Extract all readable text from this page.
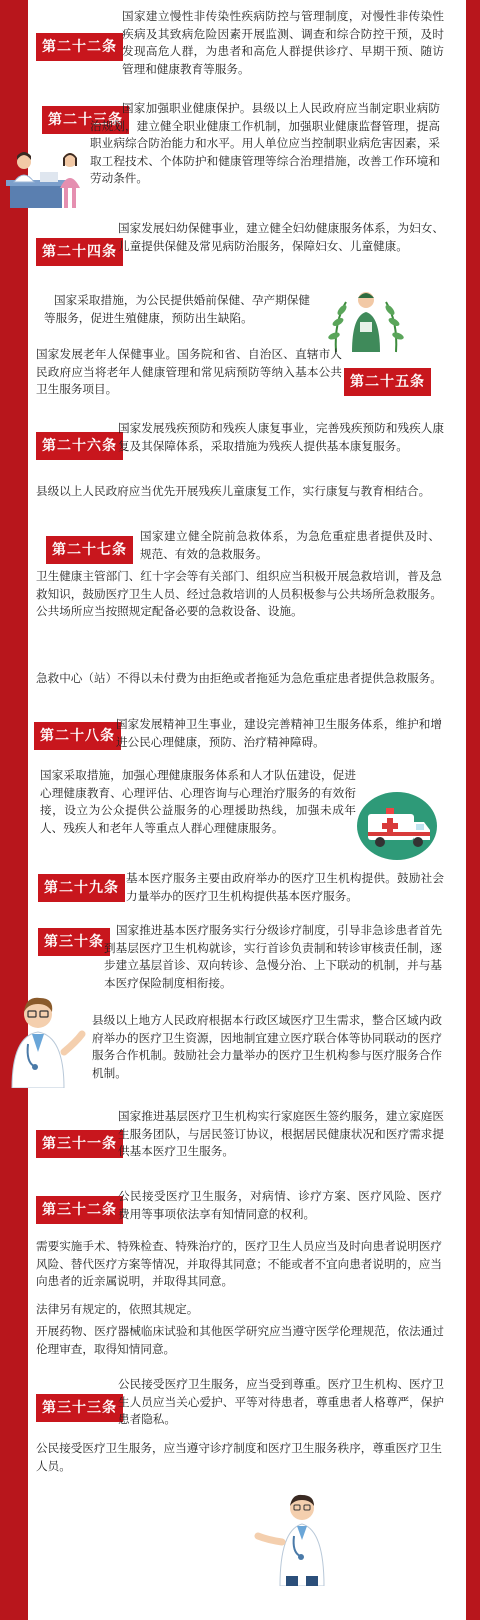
第二十二条

国家建立慢性非传染性疾病防控与管理制度，对慢性非传染性疾病及其致病危险因素开展监测、调查和综合防控干预，及时发现高危人群，为患者和高危人群提供诊疗、早期干预、随访管理和健康教育等服务。

第二十三条

国家加强职业健康保护。县级以上人民政府应当制定职业病防治规划，建立健全职业健康工作机制，加强职业健康监督管理，提高职业病综合防治能力和水平。用人单位应当控制职业病危害因素，采取工程技术、个体防护和健康管理等综合治理措施，改善工作环境和劳动条件。

第二十四条

国家发展妇幼保健事业，建立健全妇幼健康服务体系，为妇女、儿童提供保健及常见病防治服务，保障妇女、儿童健康。

国家采取措施，为公民提供婚前保健、孕产期保健等服务，促进生殖健康，预防出生缺陷。

第二十五条

国家发展老年人保健事业。国务院和省、自治区、直辖市人民政府应当将老年人健康管理和常见病预防等纳入基本公共卫生服务项目。

第二十六条

国家发展残疾预防和残疾人康复事业，完善残疾预防和残疾人康复及其保障体系，采取措施为残疾人提供基本康复服务。

县级以上人民政府应当优先开展残疾儿童康复工作，实行康复与教育相结合。

第二十七条

国家建立健全院前急救体系，为急危重症患者提供及时、规范、有效的急救服务。

卫生健康主管部门、红十字会等有关部门、组织应当积极开展急救培训，普及急救知识，鼓励医疗卫生人员、经过急救培训的人员积极参与公共场所急救服务。公共场所应当按照规定配备必要的急救设备、设施。

急救中心（站）不得以未付费为由拒绝或者拖延为急危重症患者提供急救服务。

第二十八条

国家发展精神卫生事业，建设完善精神卫生服务体系，维护和增进公民心理健康，预防、治疗精神障碍。

国家采取措施，加强心理健康服务体系和人才队伍建设，促进心理健康教育、心理评估、心理咨询与心理治疗服务的有效衔接，设立为公众提供公益服务的心理援助热线，加强未成年人、残疾人和老年人等重点人群心理健康服务。

第二十九条

基本医疗服务主要由政府举办的医疗卫生机构提供。鼓励社会力量举办的医疗卫生机构提供基本医疗服务。

第三十条

国家推进基本医疗服务实行分级诊疗制度，引导非急诊患者首先到基层医疗卫生机构就诊，实行首诊负责制和转诊审核责任制，逐步建立基层首诊、双向转诊、急慢分治、上下联动的机制，并与基本医疗保险制度相衔接。

县级以上地方人民政府根据本行政区域医疗卫生需求，整合区域内政府举办的医疗卫生资源，因地制宜建立医疗联合体等协同联动的医疗服务合作机制。鼓励社会力量举办的医疗卫生机构参与医疗服务合作机制。

第三十一条

国家推进基层医疗卫生机构实行家庭医生签约服务，建立家庭医生服务团队，与居民签订协议，根据居民健康状况和医疗需求提供基本医疗卫生服务。

第三十二条

公民接受医疗卫生服务，对病情、诊疗方案、医疗风险、医疗费用等事项依法享有知情同意的权利。

需要实施手术、特殊检查、特殊治疗的，医疗卫生人员应当及时向患者说明医疗风险、替代医疗方案等情况，并取得其同意；不能或者不宜向患者说明的，应当向患者的近亲属说明，并取得其同意。

法律另有规定的，依照其规定。

开展药物、医疗器械临床试验和其他医学研究应当遵守医学伦理规范，依法通过伦理审查，取得知情同意。

第三十三条

公民接受医疗卫生服务，应当受到尊重。医疗卫生机构、医疗卫生人员应当关心爱护、平等对待患者，尊重患者人格尊严，保护患者隐私。

公民接受医疗卫生服务，应当遵守诊疗制度和医疗卫生服务秩序，尊重医疗卫生人员。
